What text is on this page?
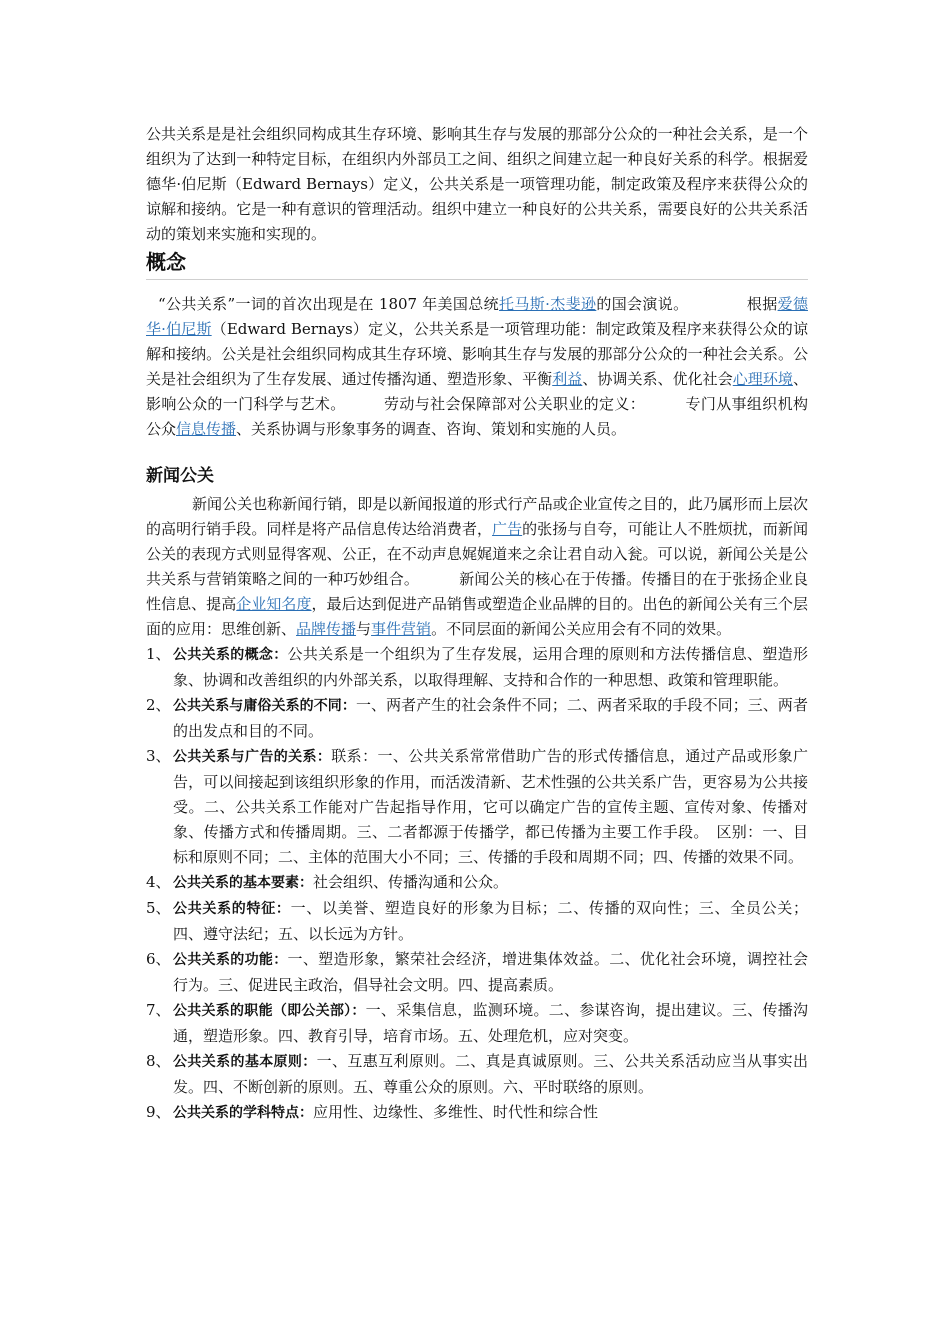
公共关系是是社会组织同构成其生存环境、影响其生存与发展的那部分公众的一种社会关系，是一个组织为了达到一种特定目标，在组织内外部员工之间、组织之间建立起一种良好关系的科学。根据爱德华·伯尼斯（Edward Bernays）定义，公共关系是一项管理功能，制定政策及程序来获得公众的谅解和接纳。它是一种有意识的管理活动。组织中建立一种良好的公共关系，需要良好的公共关系活动的策划来实施和实现的。

概念

“公共关系”一词的首次出现是在 1807 年美国总统托马斯·杰斐逊的国会演说。	根据爱德华·伯尼斯（Edward Bernays）定义，公共关系是一项管理功能：制定政策及程序来获得公众的谅解和接纳。公关是社会组织同构成其生存环境、影响其生存与发展的那部分公众的一种社会关系。公关是社会组织为了生存发展、通过传播沟通、塑造形象、平衡利益、协调关系、优化社会心理环境、影响公众的一门科学与艺术。	劳动与社会保障部对公关职业的定义：	专门从事组织机构公众信息传播、关系协调与形象事务的调查、咨询、策划和实施的人员。

新闻公关

新闻公关也称新闻行销，即是以新闻报道的形式行产品或企业宣传之目的，此乃属形而上层次的高明行销手段。同样是将产品信息传达给消费者，广告的张扬与自夸，可能让人不胜烦扰，而新闻公关的表现方式则显得客观、公正，在不动声息娓娓道来之余让君自动入瓮。可以说，新闻公关是公共关系与营销策略之间的一种巧妙组合。	新闻公关的核心在于传播。传播目的在于张扬企业良性信息、提高企业知名度，最后达到促进产品销售或塑造企业品牌的目的。出色的新闻公关有三个层面的应用：思维创新、品牌传播与事件营销。不同层面的新闻公关应用会有不同的效果。

1、 公共关系的概念：公共关系是一个组织为了生存发展，运用合理的原则和方法传播信息、塑造形象、协调和改善组织的内外部关系，以取得理解、支持和合作的一种思想、政策和管理职能。
2、 公共关系与庸俗关系的不同：一、两者产生的社会条件不同；二、两者采取的手段不同；三、两者的出发点和目的不同。
3、 公共关系与广告的关系：联系：一、公共关系常常借助广告的形式传播信息，通过产品或形象广告，可以间接起到该组织形象的作用，而活泼清新、艺术性强的公共关系广告，更容易为公共接受。二、公共关系工作能对广告起指导作用，它可以确定广告的宣传主题、宣传对象、传播对象、传播方式和传播周期。三、二者都源于传播学，都已传播为主要工作手段。　区别：一、目标和原则不同；二、主体的范围大小不同；三、传播的手段和周期不同；四、传播的效果不同。
4、 公共关系的基本要素：社会组织、传播沟通和公众。
5、 公共关系的特征：一、以美誉、塑造良好的形象为目标；二、传播的双向性；三、全员公关；四、遵守法纪；五、以长远为方针。
6、 公共关系的功能：一、塑造形象，繁荣社会经济，增进集体效益。二、优化社会环境，调控社会行为。三、促进民主政治，倡导社会文明。四、提高素质。
7、 公共关系的职能（即公关部）：一、采集信息，监测环境。二、参谋咨询，提出建议。三、传播沟通，塑造形象。四、教育引导，培育市场。五、处理危机，应对突变。
8、 公共关系的基本原则：一、互惠互利原则。二、真是真诚原则。三、公共关系活动应当从事实出发。四、不断创新的原则。五、尊重公众的原则。六、平时联络的原则。
9、 公共关系的学科特点：应用性、边缘性、多维性、时代性和综合性
